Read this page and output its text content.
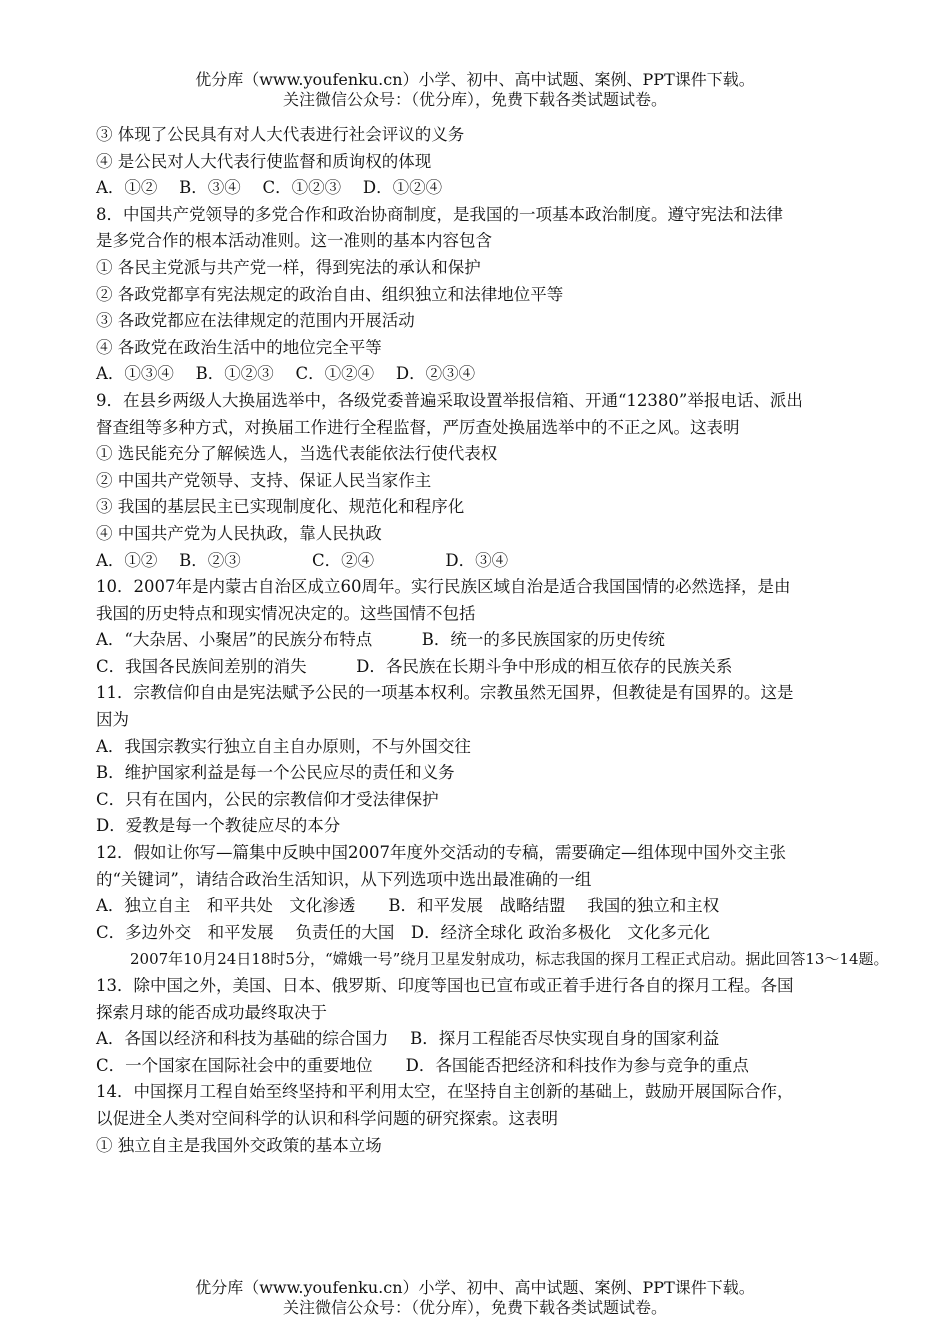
优分库（www.youfenku.cn）小学、初中、高中试题、案例、PPT课件下载。
关注微信公众号：（优分库），免费下载各类试题试卷。
③ 体现了公民具有对人大代表进行社会评议的义务
④ 是公民对人大代表行使监督和质询权的体现
A．①②　 B．③④　 C．①②③　 D．①②④
8．中国共产党领导的多党合作和政治协商制度，是我国的一项基本政治制度。遵守宪法和法律
是多党合作的根本活动准则。这一准则的基本内容包含
① 各民主党派与共产党一样，得到宪法的承认和保护
② 各政党都享有宪法规定的政治自由、组织独立和法律地位平等
③ 各政党都应在法律规定的范围内开展活动
④ 各政党在政治生活中的地位完全平等
A．①③④　 B．①②③　 C．①②④　 D．②③④
9．在县乡两级人大换届选举中，各级党委普遍采取设置举报信箱、开通“12380”举报电话、派出
督查组等多种方式，对换届工作进行全程监督，严厉查处换届选举中的不正之风。这表明
① 选民能充分了解候选人，当选代表能依法行使代表权
② 中国共产党领导、支持、保证人民当家作主
③ 我国的基层民主已实现制度化、规范化和程序化
④ 中国共产党为人民执政，靠人民执政
A．①②　 B．②③　　　　 C．②④　　　　 D．③④
10．2007年是内蒙古自治区成立60周年。实行民族区域自治是适合我国国情的必然选择，是由
我国的历史特点和现实情况决定的。这些国情不包括
A．“大杂居、小聚居”的民族分布特点　　　B．统一的多民族国家的历史传统
C．我国各民族间差别的消失　　　D．各民族在长期斗争中形成的相互依存的民族关系
11．宗教信仰自由是宪法赋予公民的一项基本权利。宗教虽然无国界，但教徒是有国界的。这是
因为
A．我国宗教实行独立自主自办原则，不与外国交往
B．维护国家利益是每一个公民应尽的责任和义务
C．只有在国内，公民的宗教信仰才受法律保护
D．爱教是每一个教徒应尽的本分
12．假如让你写—篇集中反映中国2007年度外交活动的专稿，需要确定—组体现中国外交主张
的“关键词”，请结合政治生活知识，从下列选项中选出最准确的一组
A．独立自主　和平共处　文化渗透　　B．和平发展　战略结盟　 我国的独立和主权
C．多边外交　和平发展　 负责任的大国　D．经济全球化 政治多极化　文化多元化
2007年10月24日18时5分，“嫦娥一号”绕月卫星发射成功，标志我国的探月工程正式启动。据此回答13～14题。
13．除中国之外，美国、日本、俄罗斯、印度等国也已宣布或正着手进行各自的探月工程。各国
探索月球的能否成功最终取决于
A．各国以经济和科技为基础的综合国力　 B．探月工程能否尽快实现自身的国家利益
C．一个国家在国际社会中的重要地位　　D．各国能否把经济和科技作为参与竞争的重点
14．中国探月工程自始至终坚持和平利用太空，在坚持自主创新的基础上，鼓励开展国际合作，
以促进全人类对空间科学的认识和科学问题的研究探索。这表明
① 独立自主是我国外交政策的基本立场
优分库（www.youfenku.cn）小学、初中、高中试题、案例、PPT课件下载。
关注微信公众号：（优分库），免费下载各类试题试卷。
